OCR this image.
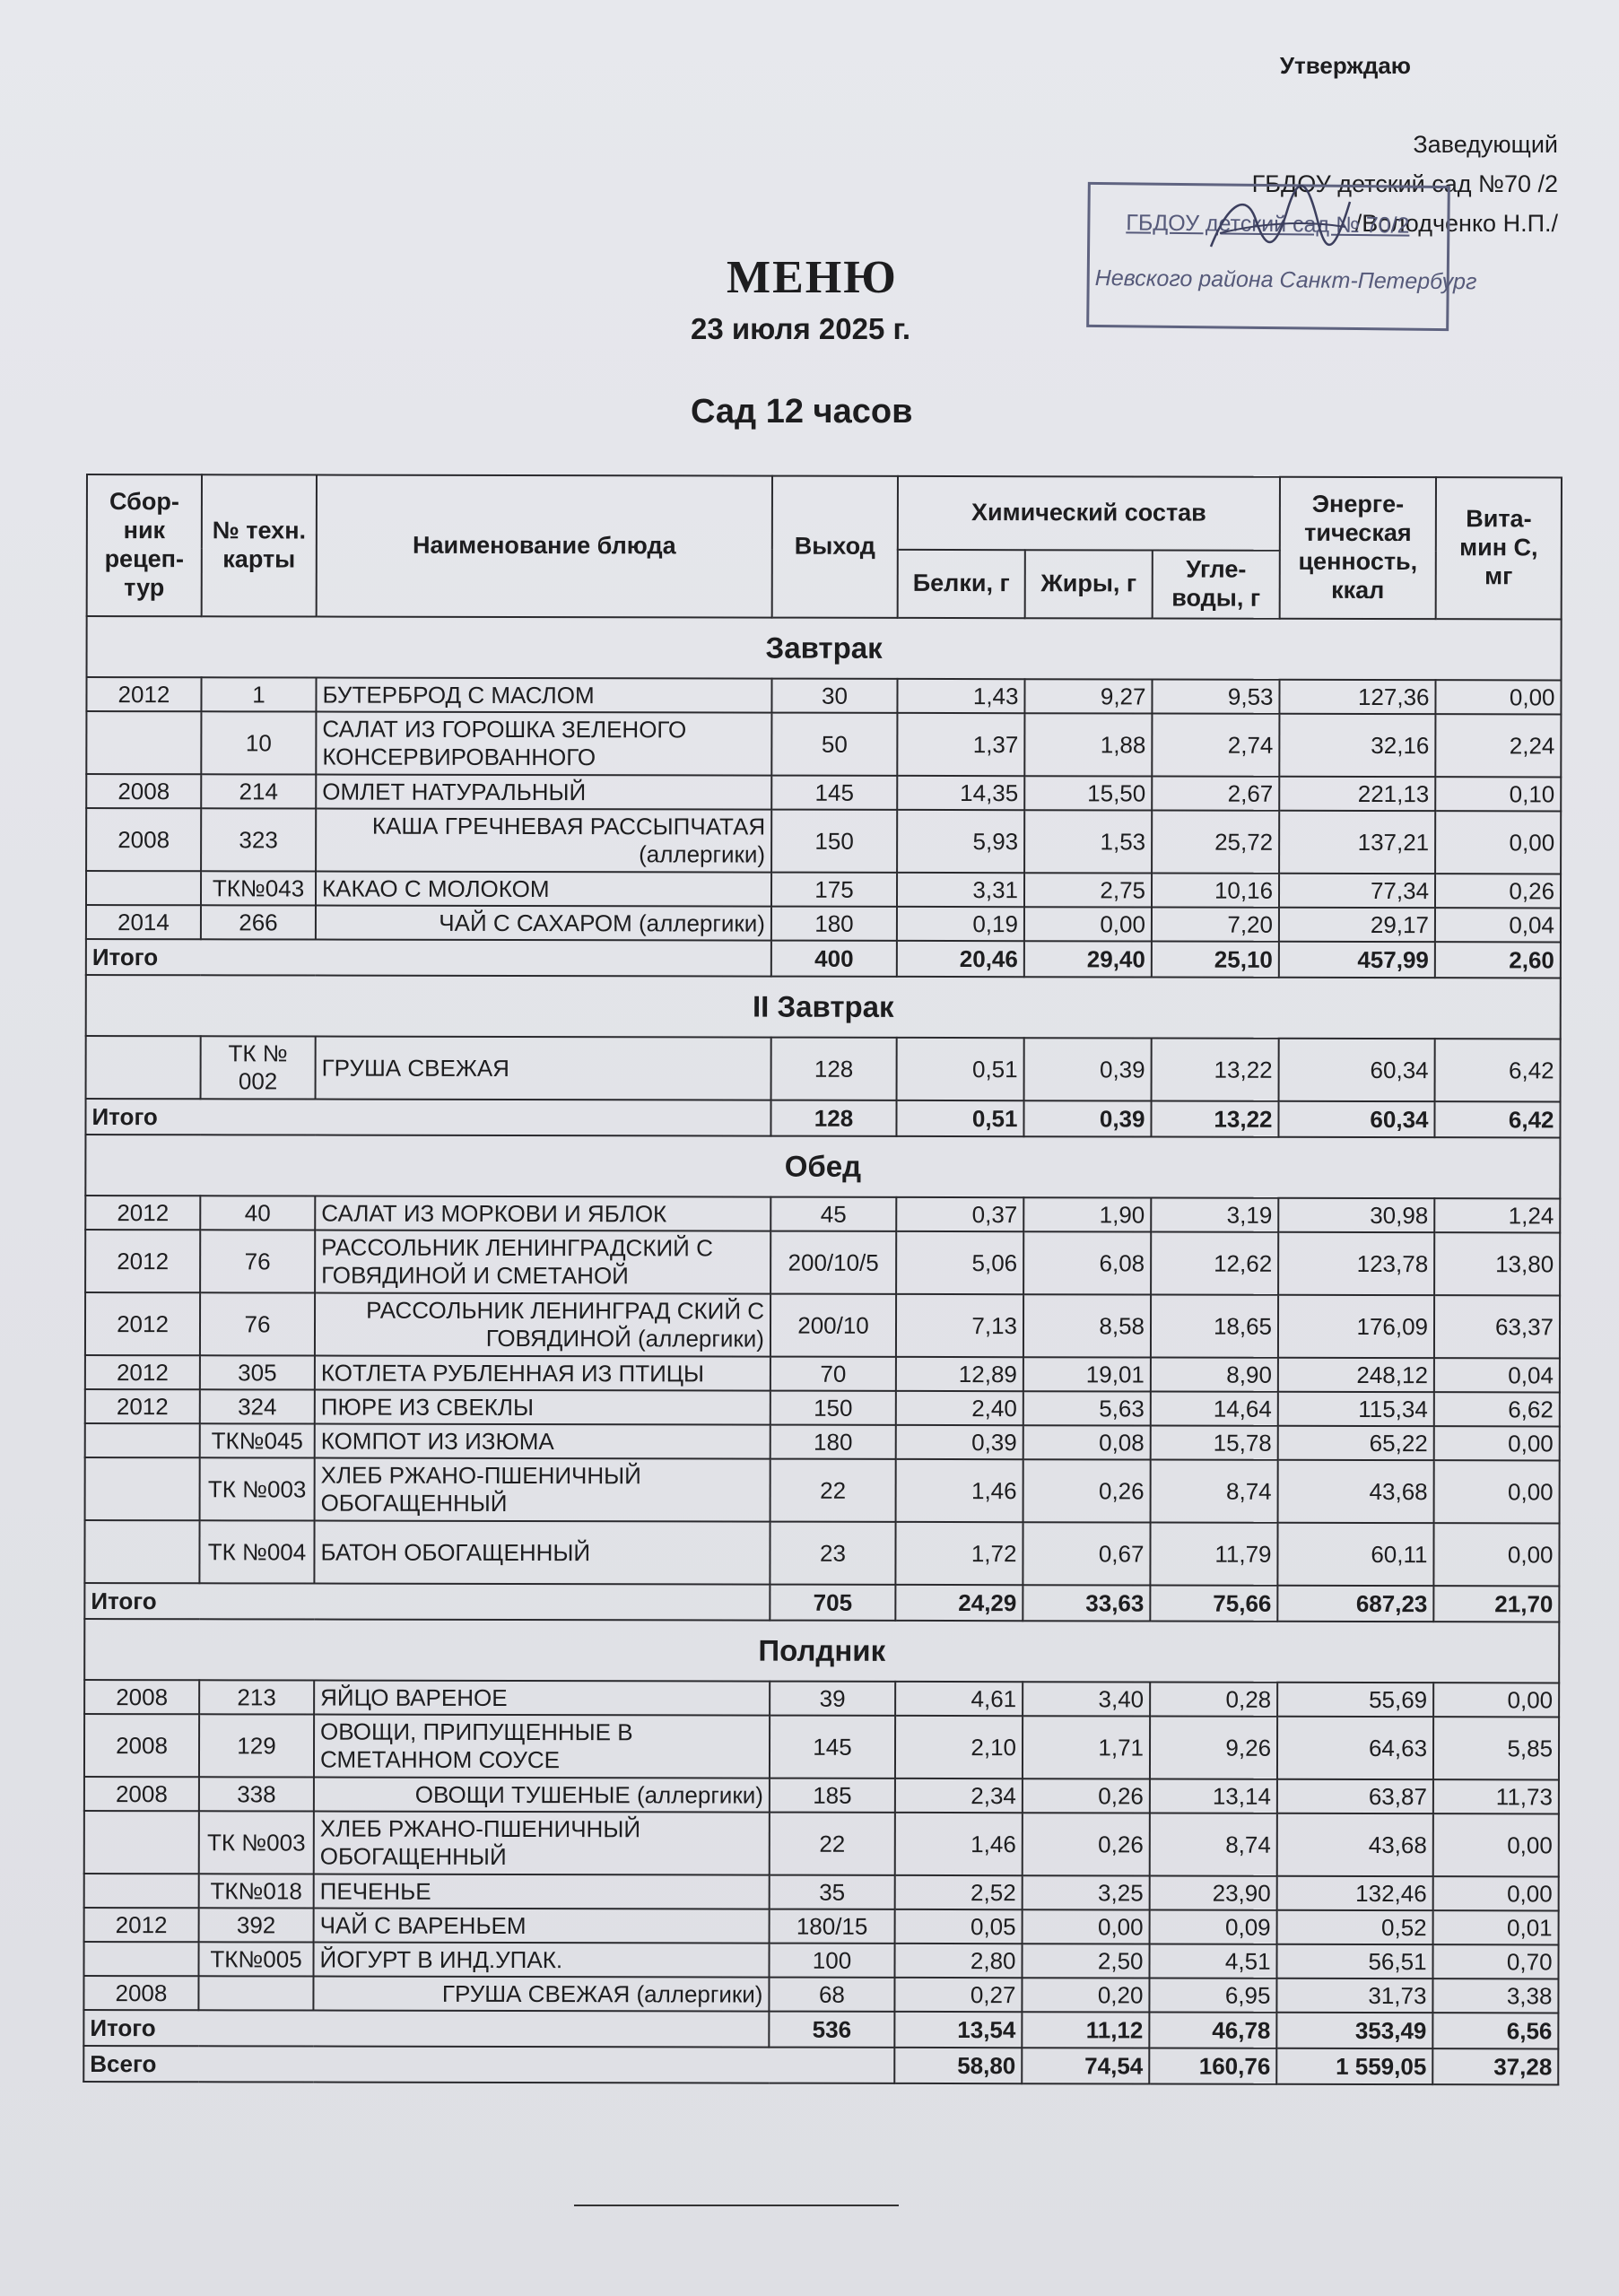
Утверждаю
Заведующий
ГБДОУ детский сад №70 /2
/Володченко Н.П./
ГБДОУ детский сад № 70/2
Невского района Санкт-Петербург
МЕНЮ
23 июля 2025 г.
Сад 12 часов
Сбор-ник рецеп-тур	№ техн. карты	Наименование блюда	Выход	Химический состав			Энерге-тическая ценность, ккал	Вита-мин С, мг
				Белки, г	Жиры, г	Угле-воды, г		
Завтрак								
2012	1	БУТЕРБРОД С МАСЛОМ	30	1,43	9,27	9,53	127,36	0,00
	10	САЛАТ ИЗ ГОРОШКА ЗЕЛЕНОГО КОНСЕРВИРОВАННОГО	50	1,37	1,88	2,74	32,16	2,24
2008	214	ОМЛЕТ НАТУРАЛЬНЫЙ	145	14,35	15,50	2,67	221,13	0,10
2008	323	КАША ГРЕЧНЕВАЯ РАССЫПЧАТАЯ (аллергики)	150	5,93	1,53	25,72	137,21	0,00
	ТК№043	КАКАО С МОЛОКОМ	175	3,31	2,75	10,16	77,34	0,26
2014	266	ЧАЙ С САХАРОМ (аллергики)	180	0,19	0,00	7,20	29,17	0,04
Итого			400	20,46	29,40	25,10	457,99	2,60
II Завтрак								
	ТК № 002	ГРУША СВЕЖАЯ	128	0,51	0,39	13,22	60,34	6,42
Итого			128	0,51	0,39	13,22	60,34	6,42
Обед								
2012	40	САЛАТ ИЗ МОРКОВИ И ЯБЛОК	45	0,37	1,90	3,19	30,98	1,24
2012	76	РАССОЛЬНИК ЛЕНИНГРАДСКИЙ С ГОВЯДИНОЙ И СМЕТАНОЙ	200/10/5	5,06	6,08	12,62	123,78	13,80
2012	76	РАССОЛЬНИК ЛЕНИНГРАД СКИЙ С ГОВЯДИНОЙ (аллергики)	200/10	7,13	8,58	18,65	176,09	63,37
2012	305	КОТЛЕТА РУБЛЕННАЯ ИЗ ПТИЦЫ	70	12,89	19,01	8,90	248,12	0,04
2012	324	ПЮРЕ ИЗ СВЕКЛЫ	150	2,40	5,63	14,64	115,34	6,62
	ТК№045	КОМПОТ ИЗ ИЗЮМА	180	0,39	0,08	15,78	65,22	0,00
	ТК №003	ХЛЕБ РЖАНО-ПШЕНИЧНЫЙ ОБОГАЩЕННЫЙ	22	1,46	0,26	8,74	43,68	0,00
	ТК №004	БАТОН ОБОГАЩЕННЫЙ	23	1,72	0,67	11,79	60,11	0,00
Итого			705	24,29	33,63	75,66	687,23	21,70
Полдник								
2008	213	ЯЙЦО ВАРЕНОЕ	39	4,61	3,40	0,28	55,69	0,00
2008	129	ОВОЩИ, ПРИПУЩЕННЫЕ В СМЕТАННОМ СОУСЕ	145	2,10	1,71	9,26	64,63	5,85
2008	338	ОВОЩИ ТУШЕНЫЕ (аллергики)	185	2,34	0,26	13,14	63,87	11,73
	ТК №003	ХЛЕБ РЖАНО-ПШЕНИЧНЫЙ ОБОГАЩЕННЫЙ	22	1,46	0,26	8,74	43,68	0,00
	ТК№018	ПЕЧЕНЬЕ	35	2,52	3,25	23,90	132,46	0,00
2012	392	ЧАЙ С ВАРЕНЬЕМ	180/15	0,05	0,00	0,09	0,52	0,01
	ТК№005	ЙОГУРТ В ИНД.УПАК.	100	2,80	2,50	4,51	56,51	0,70
2008		ГРУША СВЕЖАЯ (аллергики)	68	0,27	0,20	6,95	31,73	3,38
Итого			536	13,54	11,12	46,78	353,49	6,56
Всего				58,80	74,54	160,76	1 559,05	37,28
